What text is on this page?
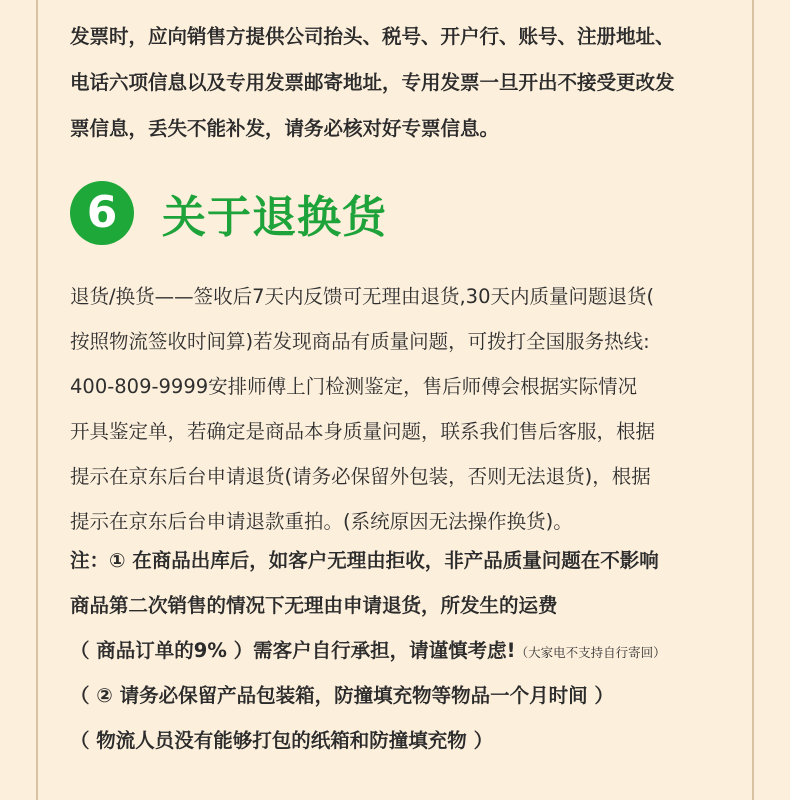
发票时，应向销售方提供公司抬头、税号、开户行、账号、注册地址、
电话六项信息以及专用发票邮寄地址，专用发票一旦开出不接受更改发
票信息，丢失不能补发，请务必核对好专票信息。
6	关于退换货
退货/换货——签收后7天内反馈可无理由退货,30天内质量问题退货(
按照物流签收时间算)若发现商品有质量问题，可拨打全国服务热线:
400-809-9999安排师傅上门检测鉴定，售后师傅会根据实际情况
开具鉴定单，若确定是商品本身质量问题，联系我们售后客服，根据
提示在京东后台申请退货(请务必保留外包装，否则无法退货)，根据
提示在京东后台申请退款重拍。(系统原因无法操作换货)。
注：① 在商品出库后，如客户无理由拒收，非产品质量问题在不影响
商品第二次销售的情况下无理由申请退货，所发生的运费
（ 商品订单的9% ）需客户自行承担，请谨慎考虑!（大家电不支持自行寄回）
（ ② 请务必保留产品包装箱，防撞填充物等物品一个月时间 ）
（ 物流人员没有能够打包的纸箱和防撞填充物 ）
